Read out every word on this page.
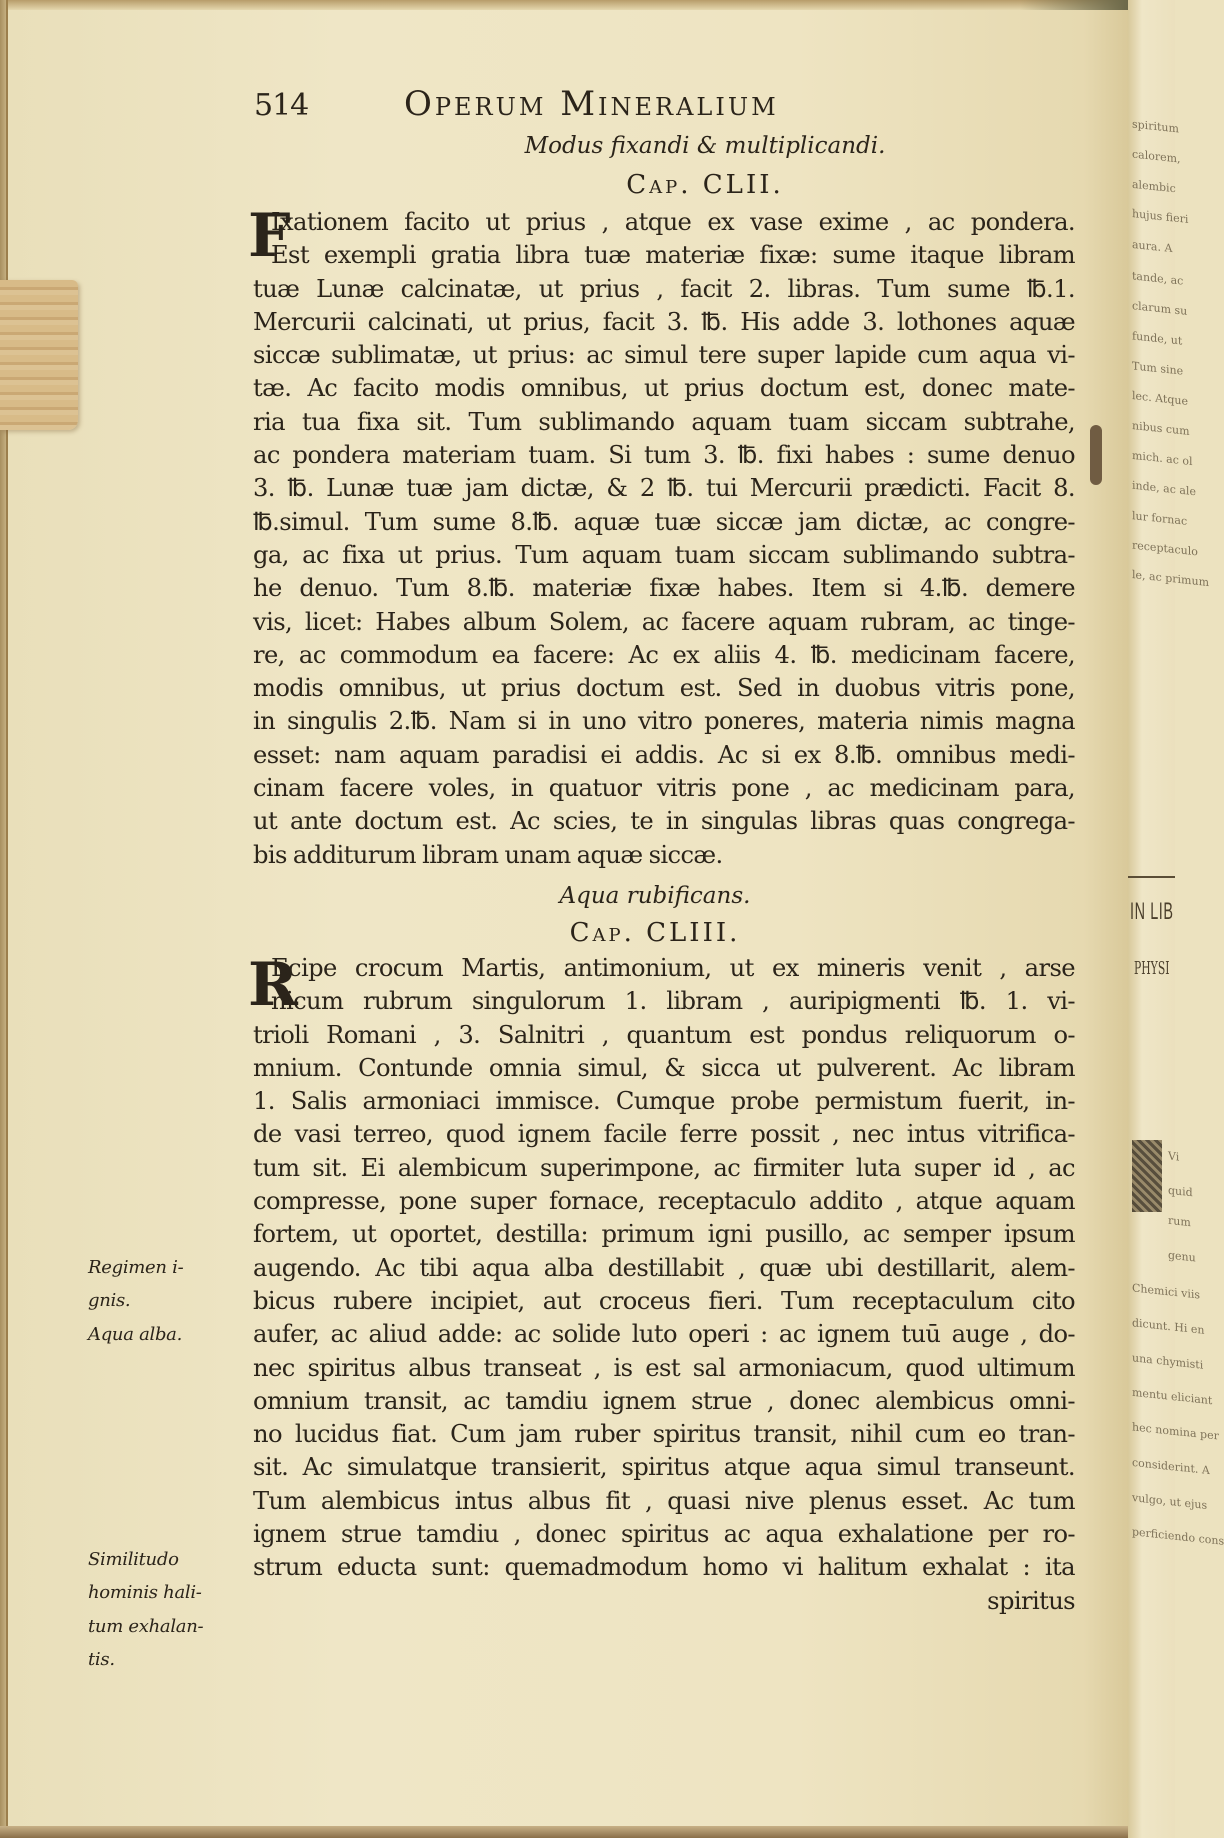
IN LIB
PHYSI
spiritum
calorem,
alembic
hujus fieri
aura. A
tande, ac
clarum su
funde, ut
Tum sine
lec. Atque
nibus cum
mich. ac ol
inde, ac ale
lur fornac
receptaculo
le, ac primum
Vi
quid
rum
genu
Chemici viis
dicunt. Hi en
una chymisti
mentu eliciant
hec nomina per
considerint. A
vulgo, ut ejus
perficiendo cons
514	Operum Mineralium
Modus fixandi & multiplicandi.
Cap. CLII.
F
Ixationem facito ut prius , atque ex vase exime , ac pondera.
Est exempli gratia libra tuæ materiæ fixæ: sume itaque libram
tuæ Lunæ calcinatæ, ut prius , facit 2. libras. Tum sume ℔.1.
Mercurii calcinati, ut prius, facit 3. ℔. His adde 3. lothones aquæ
siccæ sublimatæ, ut prius: ac simul tere super lapide cum aqua vi-
tæ. Ac facito modis omnibus, ut prius doctum est, donec mate-
ria tua fixa sit. Tum sublimando aquam tuam siccam subtrahe,
ac pondera materiam tuam. Si tum 3. ℔. fixi habes : sume denuo
3. ℔. Lunæ tuæ jam dictæ, & 2 ℔. tui Mercurii prædicti. Facit 8.
℔.simul. Tum sume 8.℔. aquæ tuæ siccæ jam dictæ, ac congre-
ga, ac fixa ut prius. Tum aquam tuam siccam sublimando subtra-
he denuo. Tum 8.℔. materiæ fixæ habes. Item si 4.℔. demere
vis, licet: Habes album Solem, ac facere aquam rubram, ac tinge-
re, ac commodum ea facere: Ac ex aliis 4. ℔. medicinam facere,
modis omnibus, ut prius doctum est. Sed in duobus vitris pone,
in singulis 2.℔. Nam si in uno vitro poneres, materia nimis magna
esset: nam aquam paradisi ei addis. Ac si ex 8.℔. omnibus medi-
cinam facere voles, in quatuor vitris pone , ac medicinam para,
ut ante doctum est. Ac scies, te in singulas libras quas congrega-
bis additurum libram unam aquæ siccæ.
Aqua rubificans.
Cap. CLIII.
R
Ecipe crocum Martis, antimonium, ut ex mineris venit , arse
nicum rubrum singulorum 1. libram , auripigmenti ℔. 1. vi-
trioli Romani , 3. Salnitri , quantum est pondus reliquorum o-
mnium. Contunde omnia simul, & sicca ut pulverent. Ac libram
1. Salis armoniaci immisce. Cumque probe permistum fuerit, in-
de vasi terreo, quod ignem facile ferre possit , nec intus vitrifica-
tum sit. Ei alembicum superimpone, ac firmiter luta super id , ac
compresse, pone super fornace, receptaculo addito , atque aquam
fortem, ut oportet, destilla: primum igni pusillo, ac semper ipsum
augendo. Ac tibi aqua alba destillabit , quæ ubi destillarit, alem-
bicus rubere incipiet, aut croceus fieri. Tum receptaculum cito
aufer, ac aliud adde: ac solide luto operi : ac ignem tuū auge , do-
nec spiritus albus transeat , is est sal armoniacum, quod ultimum
omnium transit, ac tamdiu ignem strue , donec alembicus omni-
no lucidus fiat. Cum jam ruber spiritus transit, nihil cum eo tran-
sit. Ac simulatque transierit, spiritus atque aqua simul transeunt.
Tum alembicus intus albus fit , quasi nive plenus esset. Ac tum
ignem strue tamdiu , donec spiritus ac aqua exhalatione per ro-
strum educta sunt: quemadmodum homo vi halitum exhalat : ita
spiritus
Regimen i-
gnis.
Aqua alba.
Similitudo
hominis hali-
tum exhalan-
tis.
